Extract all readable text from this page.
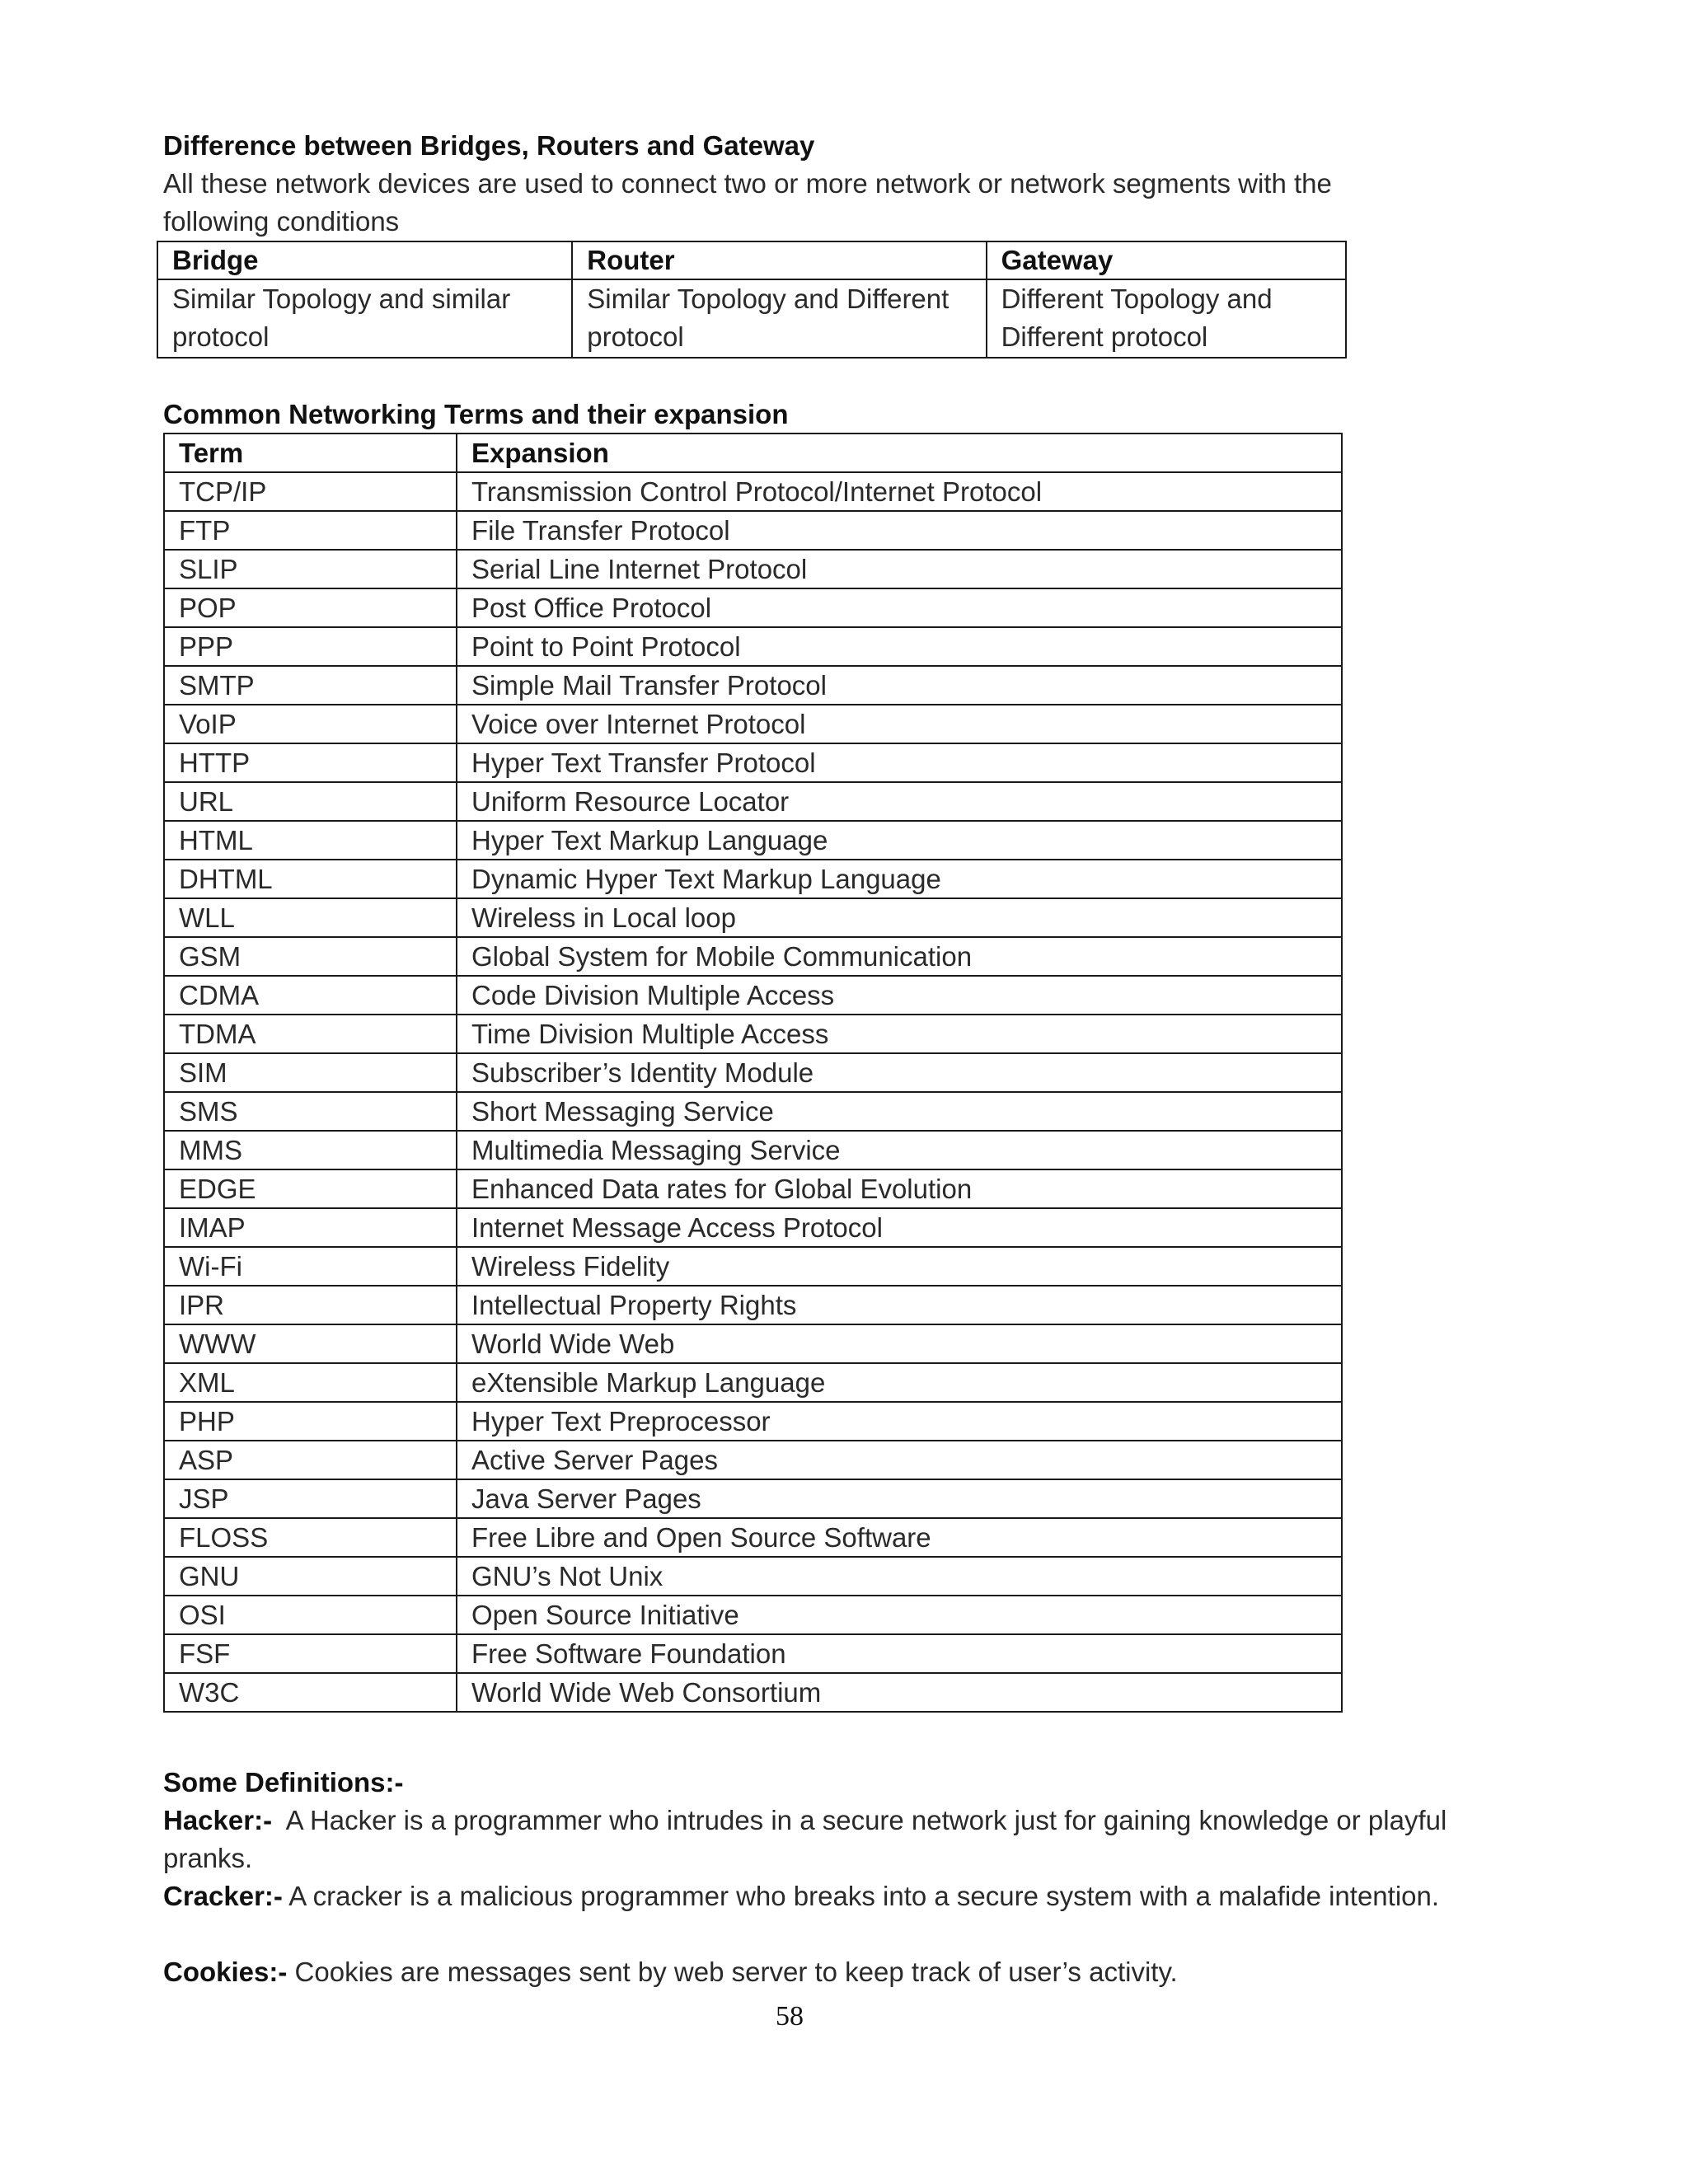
Difference between Bridges, Routers and Gateway
All these network devices are used to connect two or more network or network segments with the following conditions
Bridge	Router	Gateway
Similar Topology and similar protocol	Similar Topology and Different protocol	Different Topology and Different protocol
Common Networking Terms and their expansion
Term	Expansion
TCP/IP	Transmission Control Protocol/Internet Protocol
FTP	File Transfer Protocol
SLIP	Serial Line Internet Protocol
POP	Post Office Protocol
PPP	Point to Point Protocol
SMTP	Simple Mail Transfer Protocol
VoIP	Voice over Internet Protocol
HTTP	Hyper Text Transfer Protocol
URL	Uniform Resource Locator
HTML	Hyper Text Markup Language
DHTML	Dynamic Hyper Text Markup Language
WLL	Wireless in Local loop
GSM	Global System for Mobile Communication
CDMA	Code Division Multiple Access
TDMA	Time Division Multiple Access
SIM	Subscriber’s Identity Module
SMS	Short Messaging Service
MMS	Multimedia Messaging Service
EDGE	Enhanced Data rates for Global Evolution
IMAP	Internet Message Access Protocol
Wi-Fi	Wireless Fidelity
IPR	Intellectual Property Rights
WWW	World Wide Web
XML	eXtensible Markup Language
PHP	Hyper Text Preprocessor
ASP	Active Server Pages
JSP	Java Server Pages
FLOSS	Free Libre and Open Source Software
GNU	GNU’s Not Unix
OSI	Open Source Initiative
FSF	Free Software Foundation
W3C	World Wide Web Consortium
Some Definitions:-
Hacker:- A Hacker is a programmer who intrudes in a secure network just for gaining knowledge or playful pranks.
Cracker:- A cracker is a malicious programmer who breaks into a secure system with a malafide intention.
Cookies:- Cookies are messages sent by web server to keep track of user’s activity.
58
